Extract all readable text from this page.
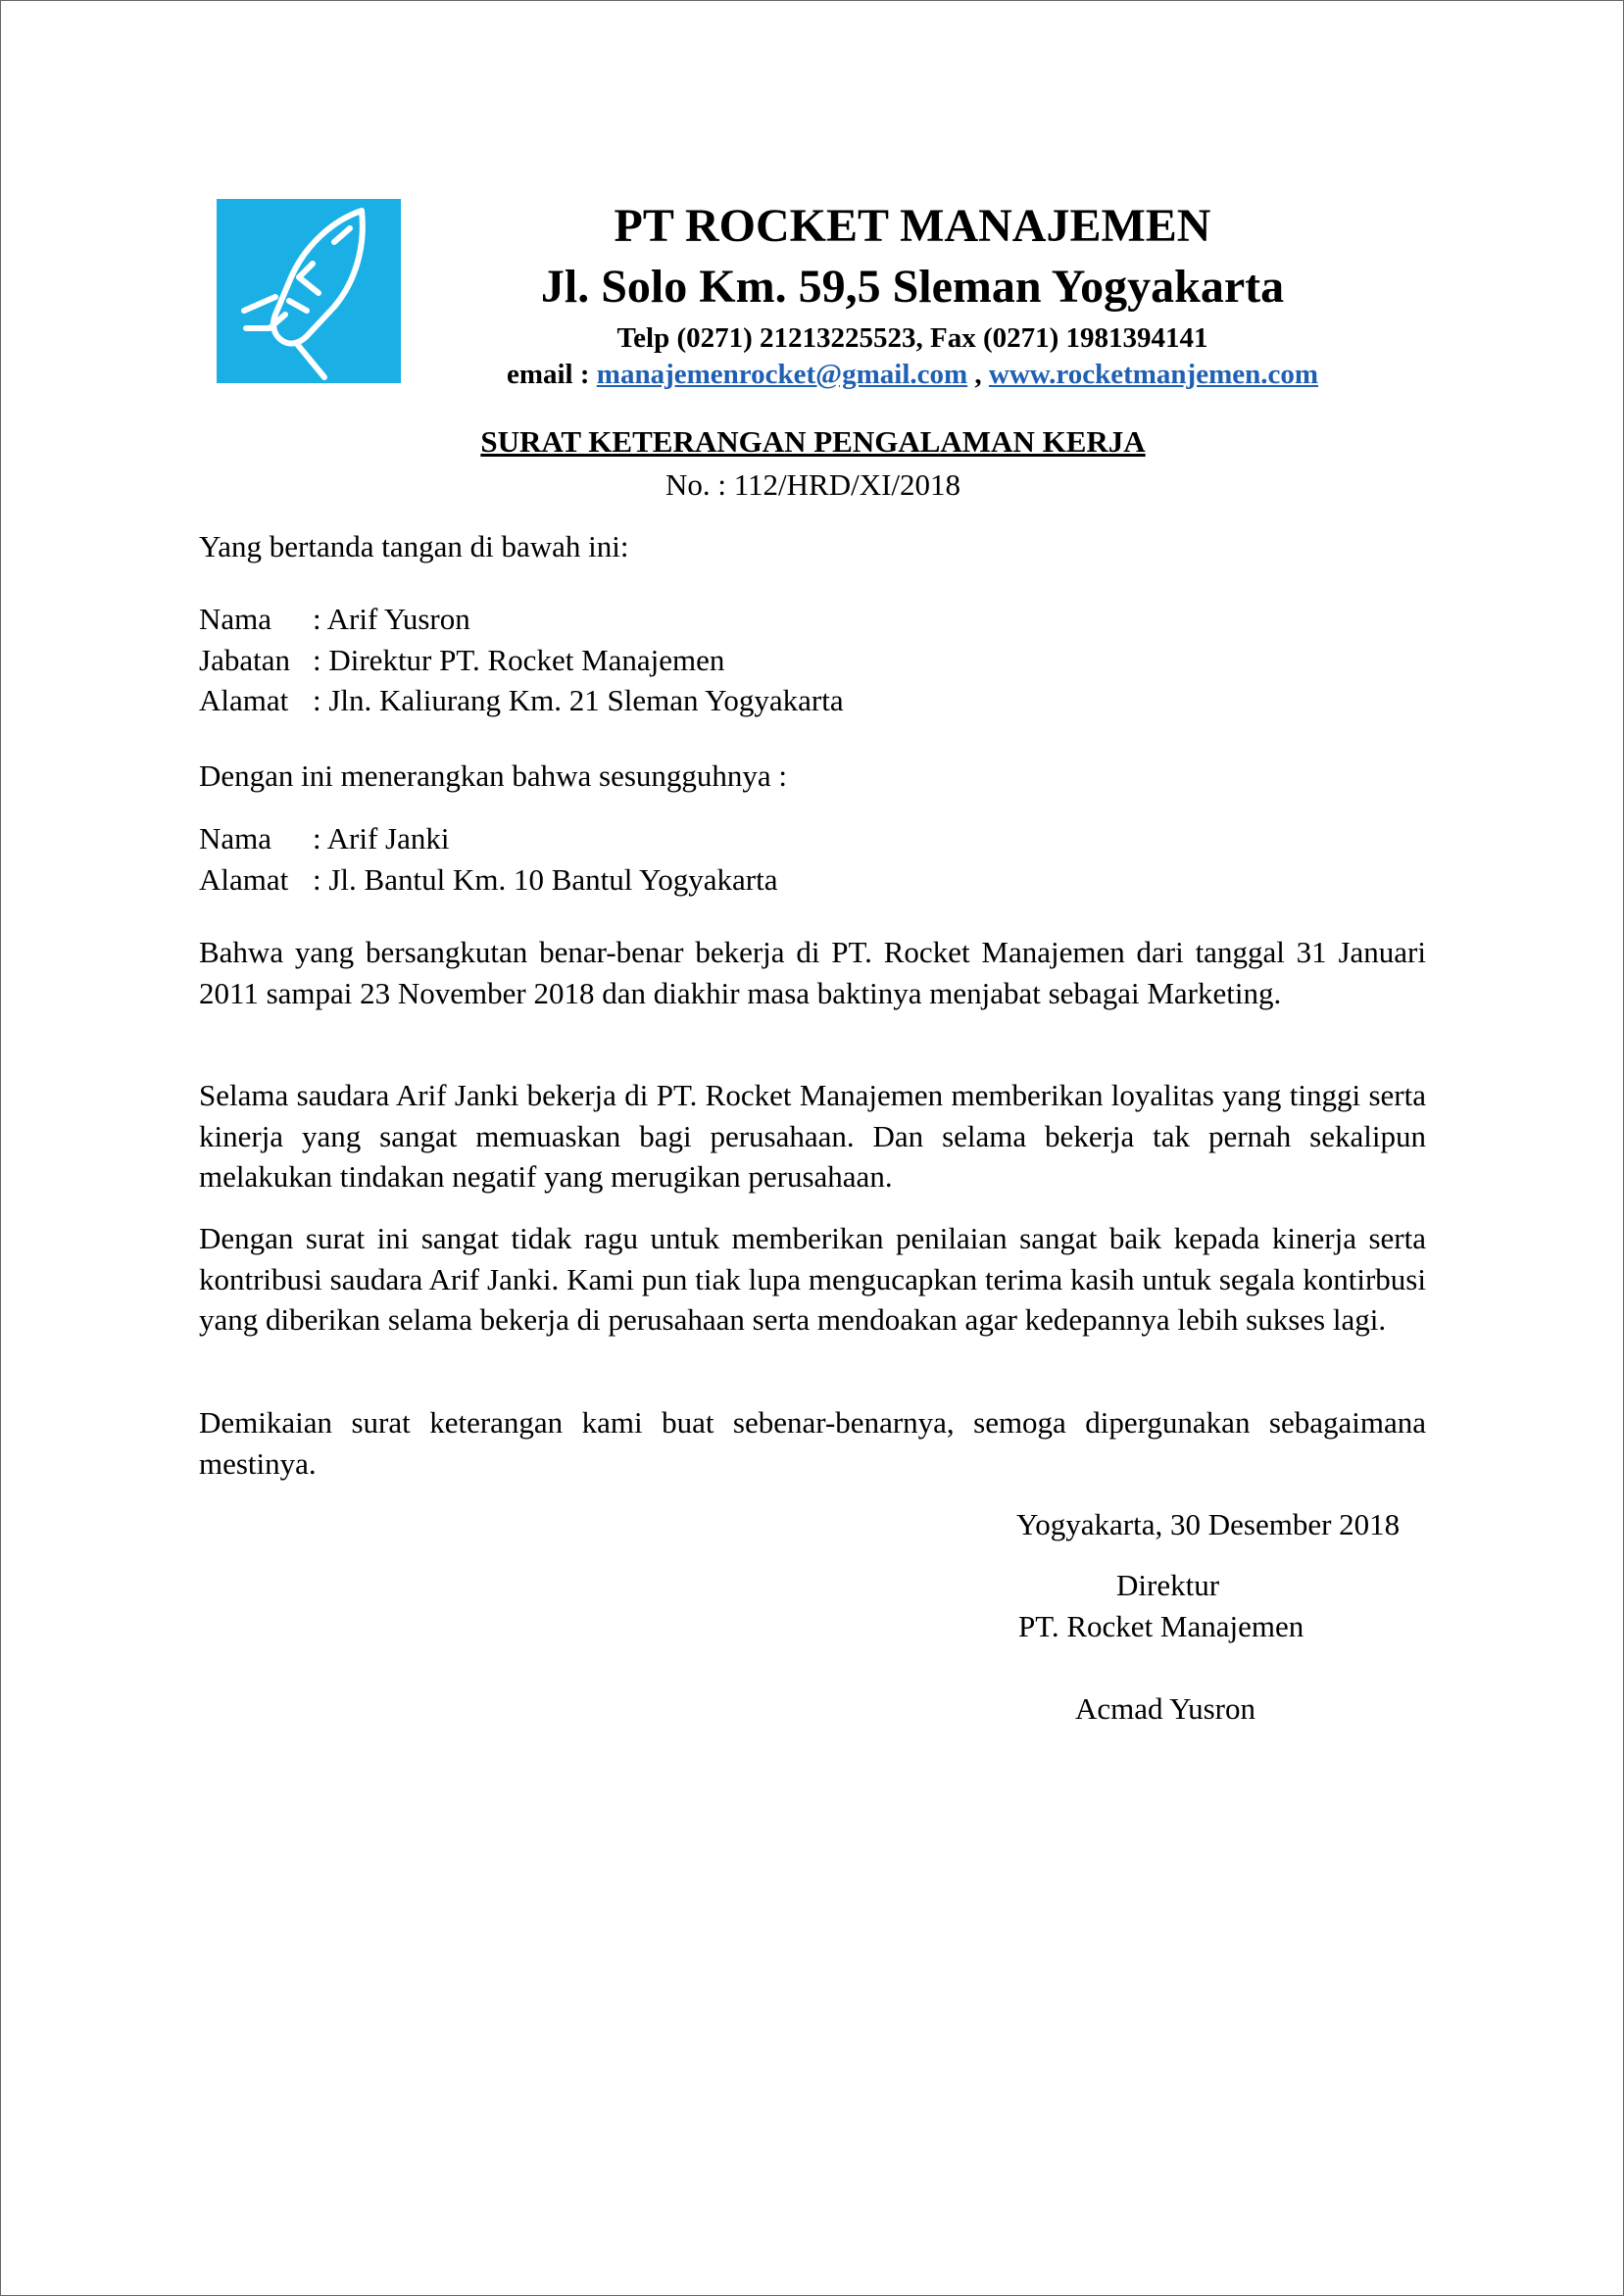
PT ROCKET MANAJEMEN
Jl. Solo Km. 59,5 Sleman Yogyakarta
Telp (0271) 21213225523, Fax (0271) 1981394141
email : manajemenrocket@gmail.com , www.rocketmanjemen.com
SURAT KETERANGAN PENGALAMAN KERJA
No. : 112/HRD/XI/2018

Yang bertanda tangan di bawah ini:

Nama	: Arif Yusron
Jabatan : Direktur PT. Rocket Manajemen
Alamat : Jln. Kaliurang Km. 21 Sleman Yogyakarta

Dengan ini menerangkan bahwa sesungguhnya :

Nama	: Arif Janki
Alamat : Jl. Bantul Km. 10 Bantul Yogyakarta

Bahwa yang bersangkutan benar-benar bekerja di PT. Rocket Manajemen dari tanggal 31 Januari 2011 sampai 23 November 2018 dan diakhir masa baktinya menjabat sebagai Marketing.

Selama saudara Arif Janki bekerja di PT. Rocket Manajemen memberikan loyalitas yang tinggi serta kinerja yang sangat memuaskan bagi perusahaan. Dan selama bekerja tak pernah sekalipun melakukan tindakan negatif yang merugikan perusahaan.

Dengan surat ini sangat tidak ragu untuk memberikan penilaian sangat baik kepada kinerja serta kontribusi saudara Arif Janki. Kami pun tiak lupa mengucapkan terima kasih untuk segala kontirbusi yang diberikan selama bekerja di perusahaan serta mendoakan agar kedepannya lebih sukses lagi.

Demikaian surat keterangan kami buat sebenar-benarnya, semoga dipergunakan sebagaimana mestinya.

Yogyakarta, 30 Desember 2018
Direktur
PT. Rocket Manajemen
Acmad Yusron
